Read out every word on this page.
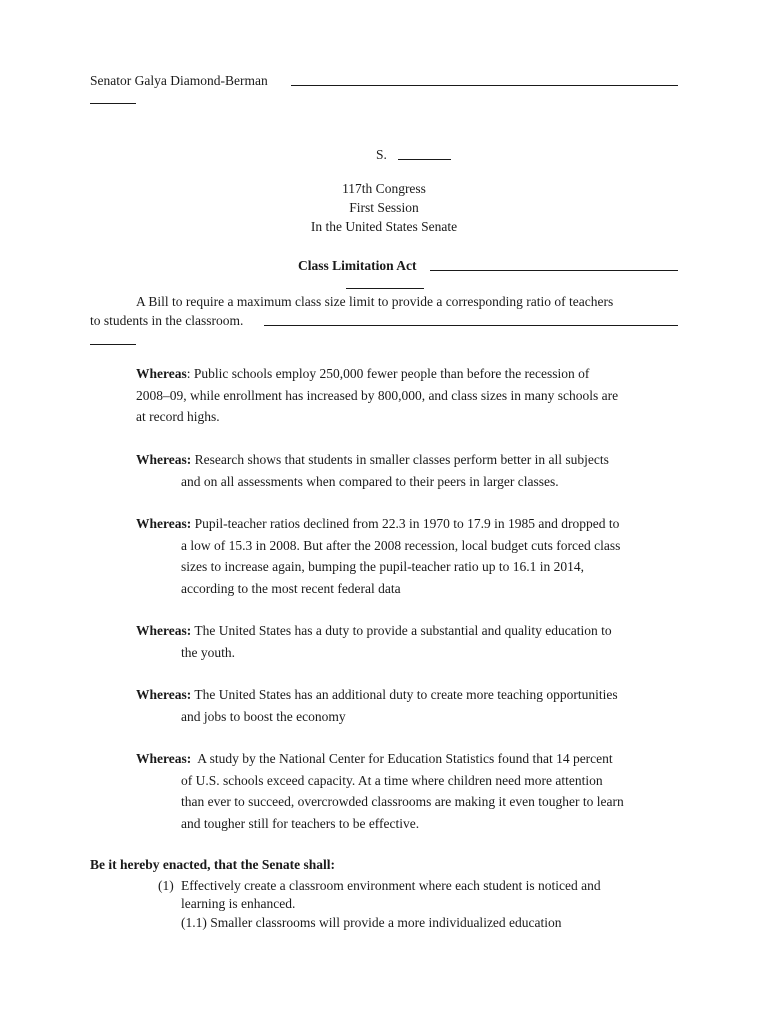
Senator Galya Diamond-Berman
S.
117th Congress
First Session
In the United States Senate
Class Limitation Act
A Bill to require a maximum class size limit to provide a corresponding ratio of teachers
to students in the classroom.
Whereas: Public schools employ 250,000 fewer people than before the recession of
2008–09, while enrollment has increased by 800,000, and class sizes in many schools are
at record highs.
Whereas: Research shows that students in smaller classes perform better in all subjects
and on all assessments when compared to their peers in larger classes.
Whereas: Pupil-teacher ratios declined from 22.3 in 1970 to 17.9 in 1985 and dropped to
a low of 15.3 in 2008. But after the 2008 recession, local budget cuts forced class
sizes to increase again, bumping the pupil-teacher ratio up to 16.1 in 2014,
according to the most recent federal data
Whereas: The United States has a duty to provide a substantial and quality education to
the youth.
Whereas: The United States has an additional duty to create more teaching opportunities
and jobs to boost the economy
Whereas:  A study by the National Center for Education Statistics found that 14 percent
of U.S. schools exceed capacity. At a time where children need more attention
than ever to succeed, overcrowded classrooms are making it even tougher to learn
and tougher still for teachers to be effective.
Be it hereby enacted, that the Senate shall:
(1) Effectively create a classroom environment where each student is noticed and
learning is enhanced.
(1.1) Smaller classrooms will provide a more individualized education
